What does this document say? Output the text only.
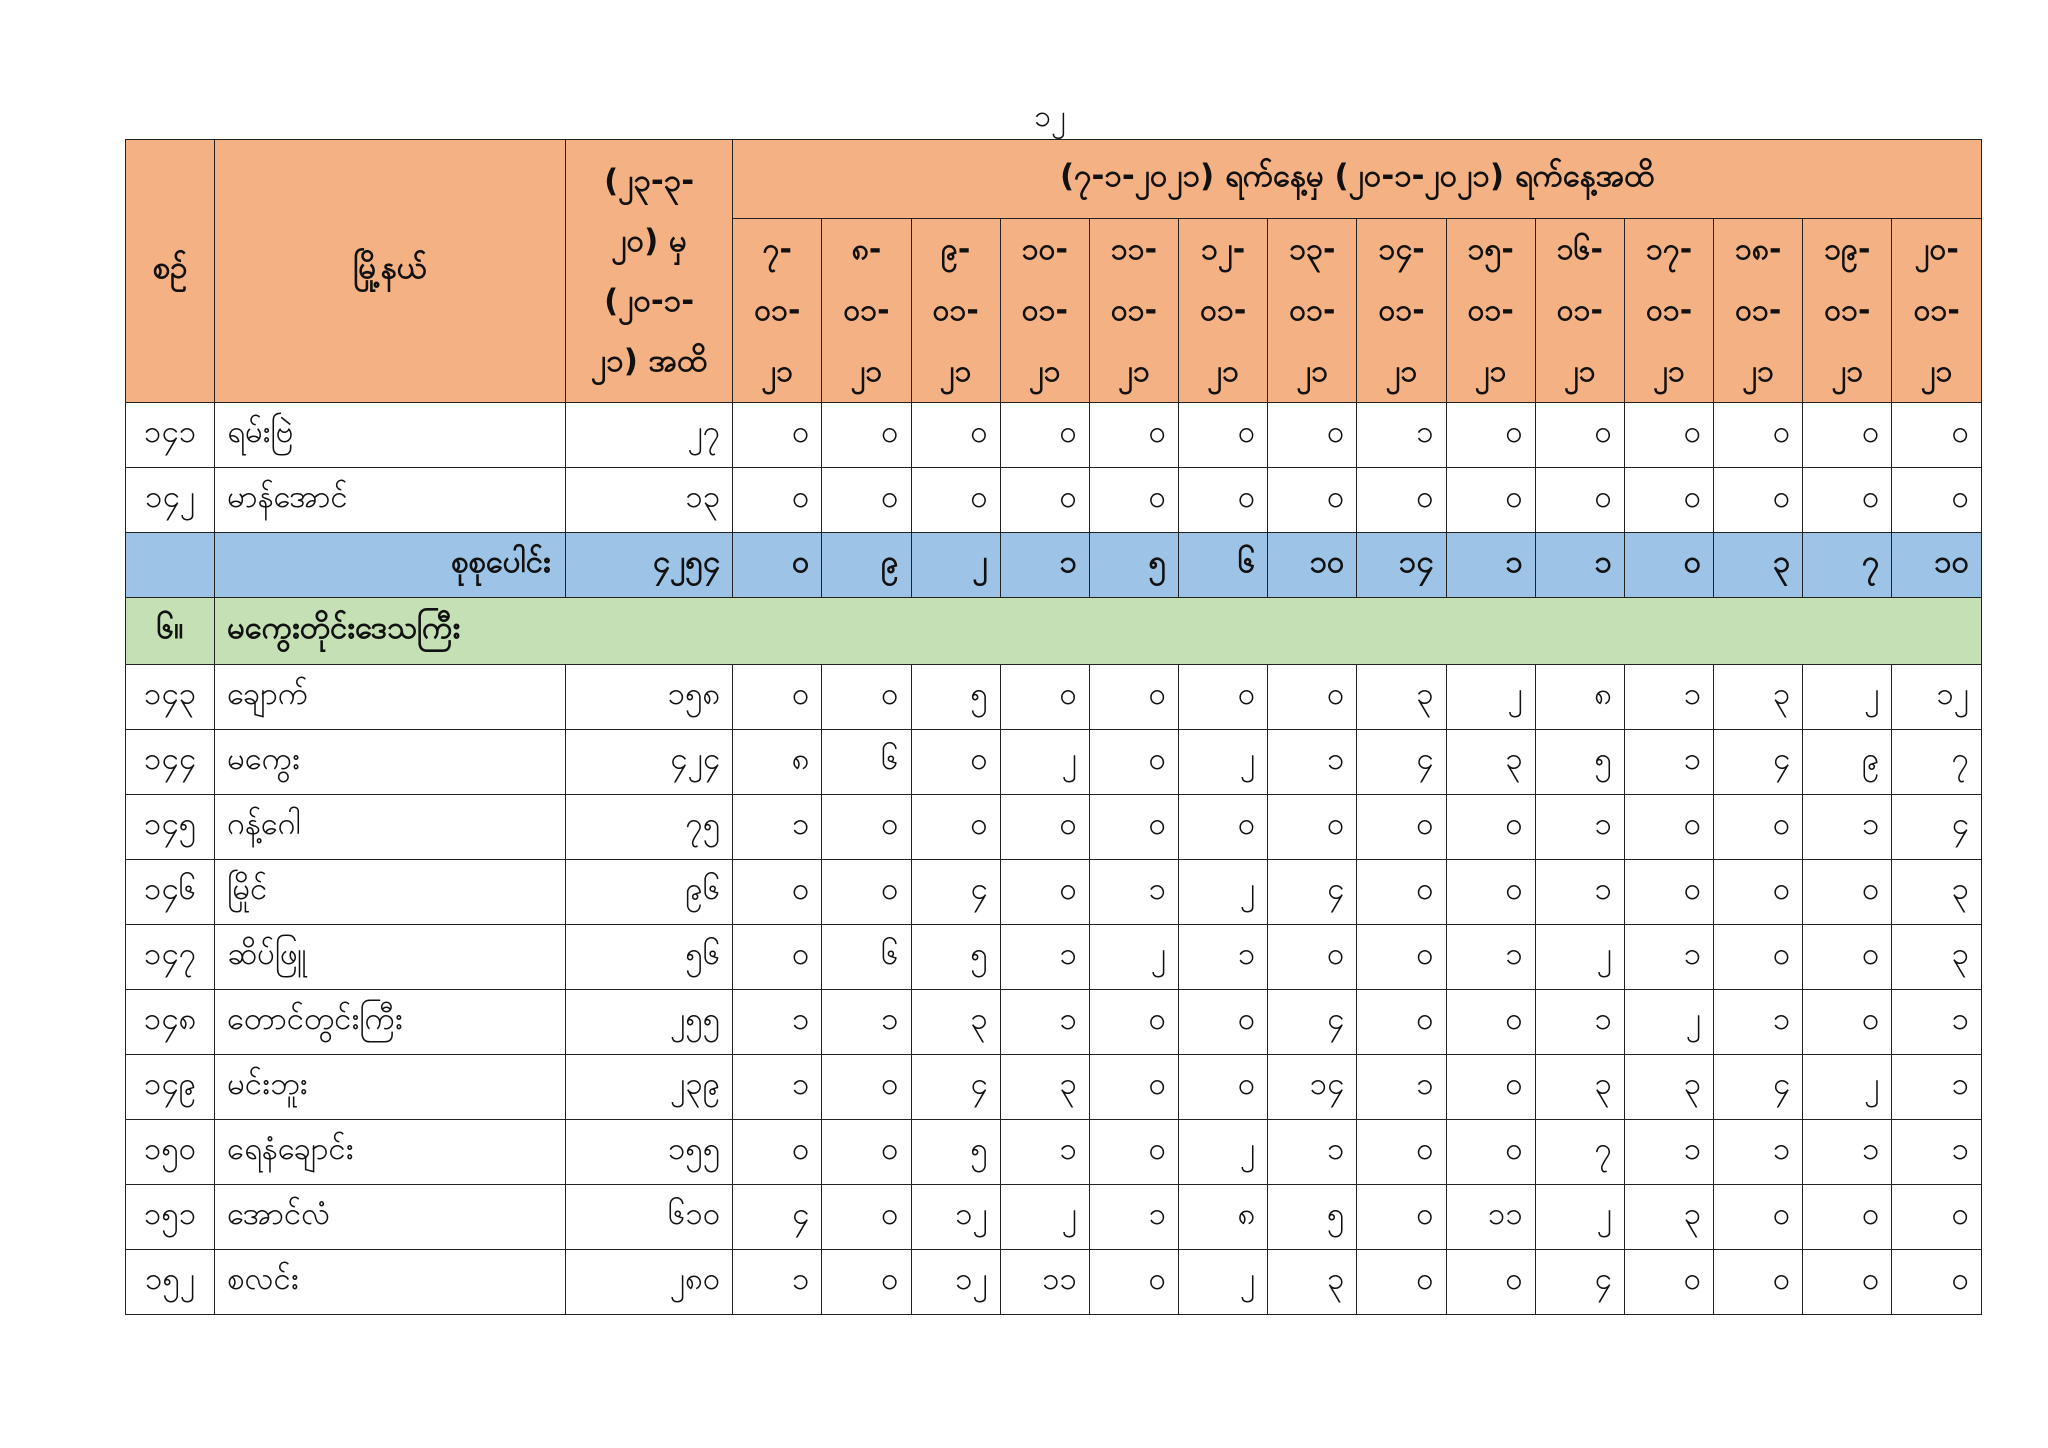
၁၂
စဉ်	မြို့နယ်	(၂၃-၃-
၂၀) မှ
(၂၀-၁-
၂၁) အထိ	(၇-၁-၂၀၂၁) ရက်နေ့မှ (၂၀-၁-၂၀၂၁) ရက်နေ့အထိ													
			၇-
၀၁-
၂၁	၈-
၀၁-
၂၁	၉-
၀၁-
၂၁	၁၀-
၀၁-
၂၁	၁၁-
၀၁-
၂၁	၁၂-
၀၁-
၂၁	၁၃-
၀၁-
၂၁	၁၄-
၀၁-
၂၁	၁၅-
၀၁-
၂၁	၁၆-
၀၁-
၂၁	၁၇-
၀၁-
၂၁	၁၈-
၀၁-
၂၁	၁၉-
၀၁-
၂၁	၂၀-
၀၁-
၂၁
၁၄၁	ရမ်းဗြဲ	၂၇	၀	၀	၀	၀	၀	၀	၀	၁	၀	၀	၀	၀	၀	၀
၁၄၂	မာန်အောင်	၁၃	၀	၀	၀	၀	၀	၀	၀	၀	၀	၀	၀	၀	၀	၀
	စုစုပေါင်း	၄၂၅၄	၀	၉	၂	၁	၅	၆	၁၀	၁၄	၁	၁	၀	၃	၇	၁၀
၆။	မကွေးတိုင်းဒေသကြီး															
၁၄၃	ချောက်	၁၅၈	၀	၀	၅	၀	၀	၀	၀	၃	၂	၈	၁	၃	၂	၁၂
၁၄၄	မကွေး	၄၂၄	၈	၆	၀	၂	၀	၂	၁	၄	၃	၅	၁	၄	၉	၇
၁၄၅	ဂန့်ဂေါ	၇၅	၁	၀	၀	၀	၀	၀	၀	၀	၀	၁	၀	၀	၁	၄
၁၄၆	မြိုင်	၉၆	၀	၀	၄	၀	၁	၂	၄	၀	၀	၁	၀	၀	၀	၃
၁၄၇	ဆိပ်ဖြူ	၅၆	၀	၆	၅	၁	၂	၁	၀	၀	၁	၂	၁	၀	၀	၃
၁၄၈	တောင်တွင်းကြီး	၂၅၅	၁	၁	၃	၁	၀	၀	၄	၀	၀	၁	၂	၁	၀	၁
၁၄၉	မင်းဘူး	၂၃၉	၁	၀	၄	၃	၀	၀	၁၄	၁	၀	၃	၃	၄	၂	၁
၁၅၀	ရေနံချောင်း	၁၅၅	၀	၀	၅	၁	၀	၂	၁	၀	၀	၇	၁	၁	၁	၁
၁၅၁	အောင်လံ	၆၁၀	၄	၀	၁၂	၂	၁	၈	၅	၀	၁၁	၂	၃	၀	၀	၀
၁၅၂	စလင်း	၂၈၀	၁	၀	၁၂	၁၁	၀	၂	၃	၀	၀	၄	၀	၀	၀	၀
